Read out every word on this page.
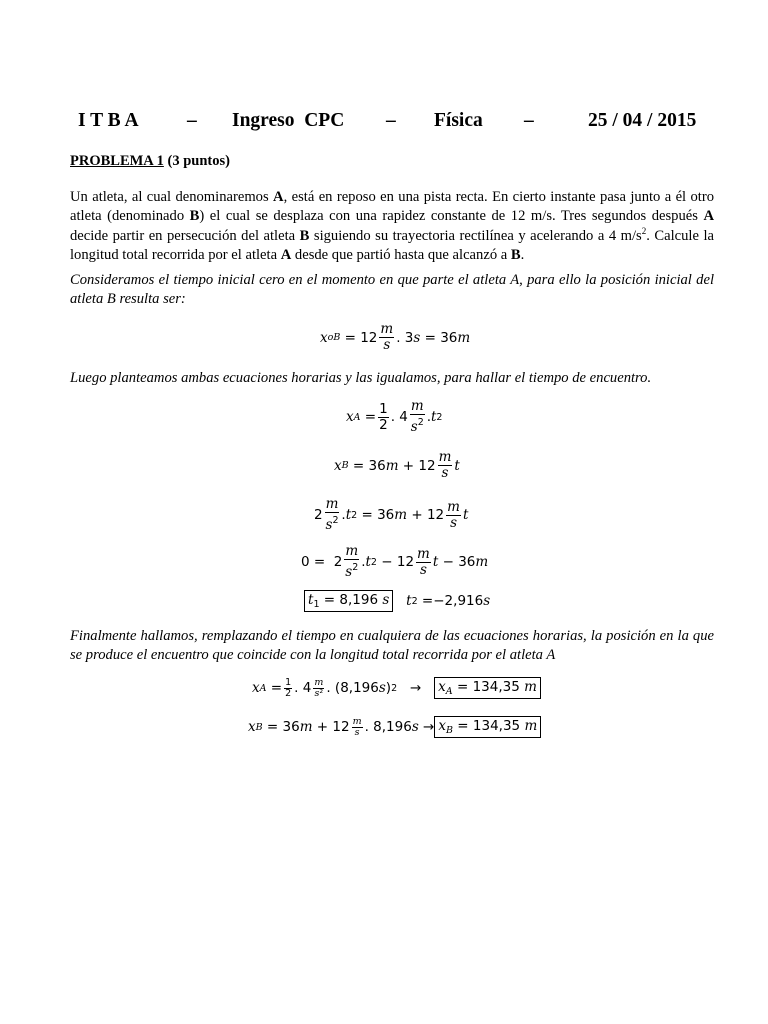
I T B A – Ingreso  CPC – Física –	25 / 04 / 2015
PROBLEMA 1 (3 puntos)
Un atleta, al cual denominaremos A, está en reposo en una pista recta. En cierto instante pasa junto a él otro atleta (denominado B) el cual se desplaza con una rapidez constante de 12 m/s. Tres segundos después A decide partir en persecución del atleta B siguiendo su trayectoria rectilínea y acelerando a 4 $m/s^2$. Calcule la longitud total recorrida por el atleta A desde que partió hasta que alcanzó a B.
Consideramos el tiempo inicial cero en el momento en que parte el atleta A, para ello la posición inicial del atleta B resulta ser:
x oB = $12 \frac{m}{s}$ . 3 s = 36 m
Luego planteamos ambas ecuaciones horarias y las igualamos, para hallar el tiempo de encuentro.
x $A = \frac{1}{2}$ . $4 \frac{m}{s^2}$ . t 2
x B = 36 $m + 12 \frac{m}{s}$ t
$2 \frac{m}{s^2}$ . t 2 = 36 $m + 12 \frac{m}{s}$ t
$0 = 2 \frac{m}{s^2}$ . t $2 - 12 \frac{m}{s}$ t − 36 m
$t_1 = 8,196$ s
t 2 = −2,916 s
Finalmente hallamos, remplazando el tiempo en cualquiera de las ecuaciones horarias, la posición en la que se produce el encuentro que coincide con la longitud total recorrida por el atleta A
x $A = \frac{1}{2}$ . $4 \frac{m}{\text{s²}}$ . (8,196 s ) $2 \to x_A = 134,35$ m
x B = 36 $m + 12 \frac{m}{s}$ . 8,196 $s \to x_B = 134,35$ m
